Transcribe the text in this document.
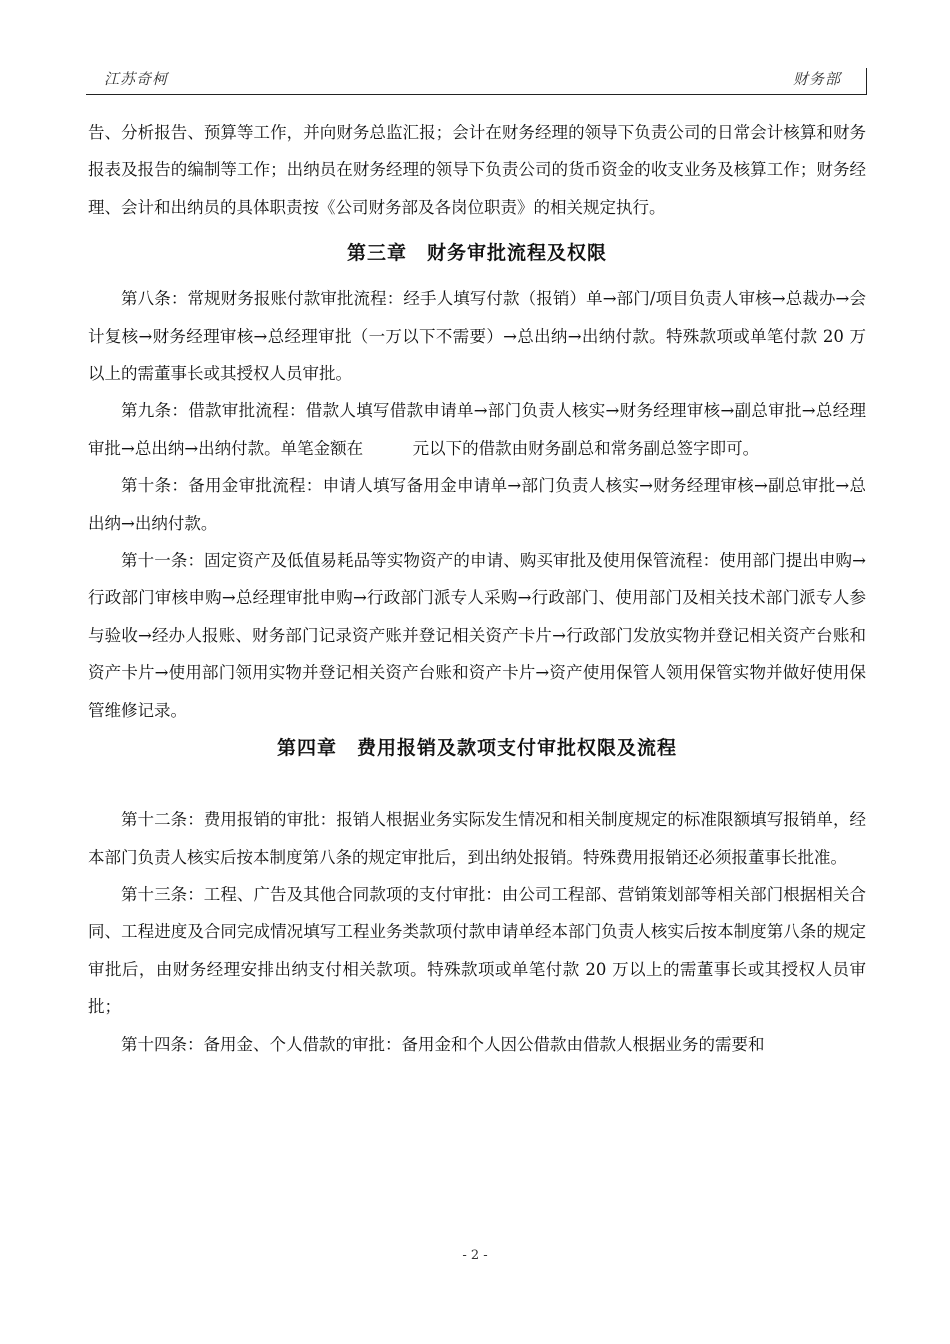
江苏奇柯	财务部

告、分析报告、预算等工作，并向财务总监汇报；会计在财务经理的领导下负责公司的日常会计核算和财务报表及报告的编制等工作；出纳员在财务经理的领导下负责公司的货币资金的收支业务及核算工作；财务经理、会计和出纳员的具体职责按《公司财务部及各岗位职责》的相关规定执行。

第三章　财务审批流程及权限

第八条：常规财务报账付款审批流程：经手人填写付款（报销）单→部门/项目负责人审核→总裁办→会计复核→财务经理审核→总经理审批（一万以下不需要）→总出纳→出纳付款。特殊款项或单笔付款 20 万以上的需董事长或其授权人员审批。

第九条：借款审批流程：借款人填写借款申请单→部门负责人核实→财务经理审核→副总审批→总经理审批→总出纳→出纳付款。单笔金额在　　　元以下的借款由财务副总和常务副总签字即可。

第十条：备用金审批流程：申请人填写备用金申请单→部门负责人核实→财务经理审核→副总审批→总出纳→出纳付款。

第十一条：固定资产及低值易耗品等实物资产的申请、购买审批及使用保管流程：使用部门提出申购→行政部门审核申购→总经理审批申购→行政部门派专人采购→行政部门、使用部门及相关技术部门派专人参与验收→经办人报账、财务部门记录资产账并登记相关资产卡片→行政部门发放实物并登记相关资产台账和资产卡片→使用部门领用实物并登记相关资产台账和资产卡片→资产使用保管人领用保管实物并做好使用保管维修记录。

第四章　费用报销及款项支付审批权限及流程

第十二条：费用报销的审批：报销人根据业务实际发生情况和相关制度规定的标准限额填写报销单，经本部门负责人核实后按本制度第八条的规定审批后，到出纳处报销。特殊费用报销还必须报董事长批准。

第十三条：工程、广告及其他合同款项的支付审批：由公司工程部、营销策划部等相关部门根据相关合同、工程进度及合同完成情况填写工程业务类款项付款申请单经本部门负责人核实后按本制度第八条的规定审批后，由财务经理安排出纳支付相关款项。特殊款项或单笔付款 20 万以上的需董事长或其授权人员审批；

第十四条：备用金、个人借款的审批：备用金和个人因公借款由借款人根据业务的需要和

- 2 -
